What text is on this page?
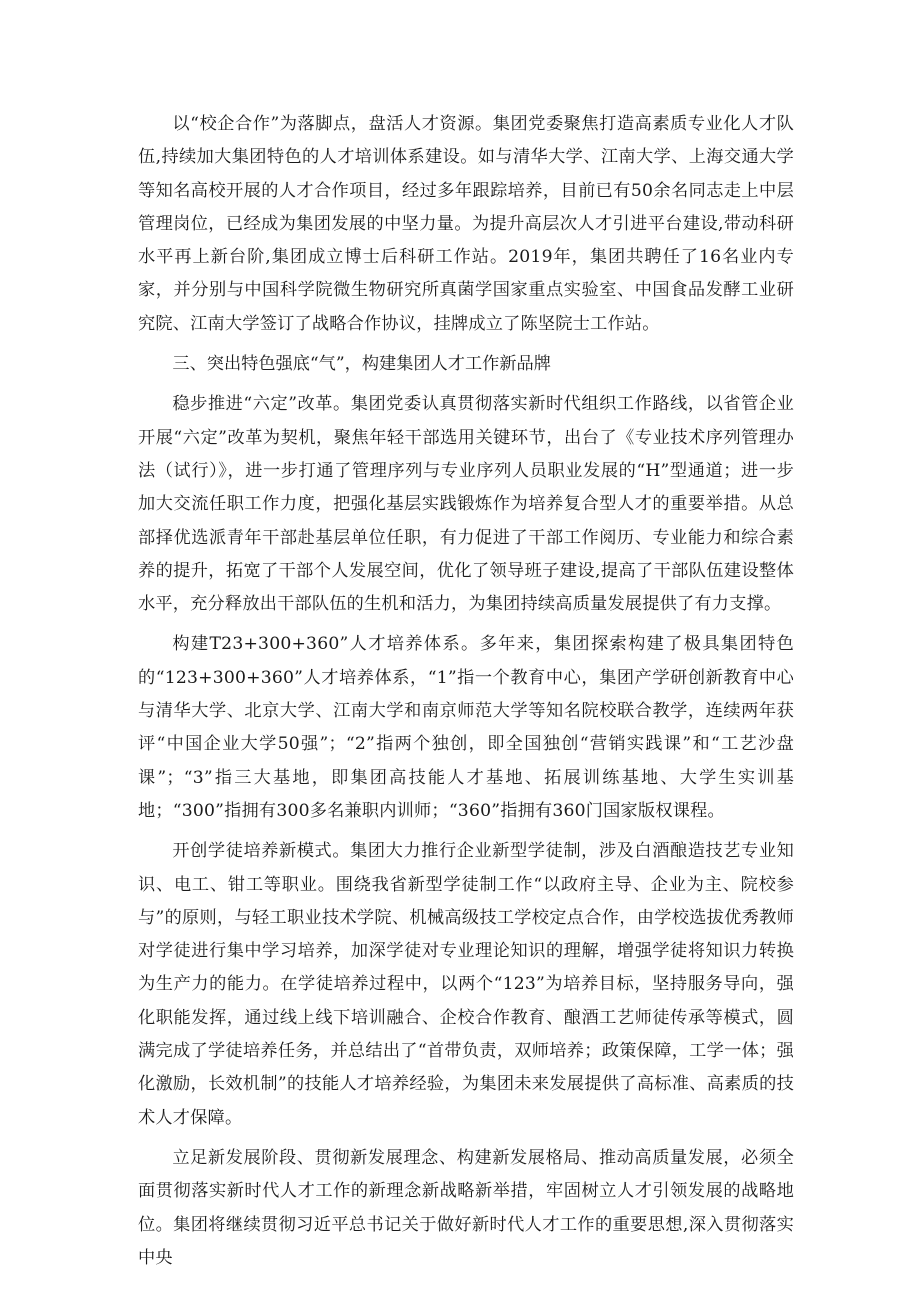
以“校企合作”为落脚点，盘活人才资源。集团党委聚焦打造高素质专业化人才队伍,持续加大集团特色的人才培训体系建设。如与清华大学、江南大学、上海交通大学等知名高校开展的人才合作项目，经过多年跟踪培养，目前已有50余名同志走上中层管理岗位，已经成为集团发展的中坚力量。为提升高层次人才引进平台建设,带动科研水平再上新台阶,集团成立博士后科研工作站。2019年，集团共聘任了16名业内专家，并分别与中国科学院微生物研究所真菌学国家重点实验室、中国食品发酵工业研究院、江南大学签订了战略合作协议，挂牌成立了陈坚院士工作站。

三、突出特色强底“气”，构建集团人才工作新品牌

稳步推进“六定”改革。集团党委认真贯彻落实新时代组织工作路线，以省管企业开展“六定”改革为契机，聚焦年轻干部选用关键环节，出台了《专业技术序列管理办法（试行）》，进一步打通了管理序列与专业序列人员职业发展的“H”型通道；进一步加大交流任职工作力度，把强化基层实践锻炼作为培养复合型人才的重要举措。从总部择优选派青年干部赴基层单位任职，有力促进了干部工作阅历、专业能力和综合素养的提升，拓宽了干部个人发展空间，优化了领导班子建设,提高了干部队伍建设整体水平，充分释放出干部队伍的生机和活力，为集团持续高质量发展提供了有力支撑。

构建T23+300+360”人才培养体系。多年来，集团探索构建了极具集团特色的“123+300+360”人才培养体系，“1”指一个教育中心，集团产学研创新教育中心与清华大学、北京大学、江南大学和南京师范大学等知名院校联合教学，连续两年获评“中国企业大学50强”；“2”指两个独创，即全国独创“营销实践课”和“工艺沙盘课”；“3”指三大基地，即集团高技能人才基地、拓展训练基地、大学生实训基地；“300”指拥有300多名兼职内训师；“360”指拥有360门国家版权课程。

开创学徒培养新模式。集团大力推行企业新型学徒制，涉及白酒酿造技艺专业知识、电工、钳工等职业。围绕我省新型学徒制工作“以政府主导、企业为主、院校参与”的原则，与轻工职业技术学院、机械高级技工学校定点合作，由学校选拔优秀教师对学徒进行集中学习培养，加深学徒对专业理论知识的理解，增强学徒将知识力转换为生产力的能力。在学徒培养过程中，以两个“123”为培养目标，坚持服务导向，强化职能发挥，通过线上线下培训融合、企校合作教育、酿酒工艺师徒传承等模式，圆满完成了学徒培养任务，并总结出了“首带负责，双师培养；政策保障，工学一体；强化激励，长效机制”的技能人才培养经验，为集团未来发展提供了高标准、高素质的技术人才保障。

立足新发展阶段、贯彻新发展理念、构建新发展格局、推动高质量发展，必须全面贯彻落实新时代人才工作的新理念新战略新举措，牢固树立人才引领发展的战略地位。集团将继续贯彻习近平总书记关于做好新时代人才工作的重要思想,深入贯彻落实中央
